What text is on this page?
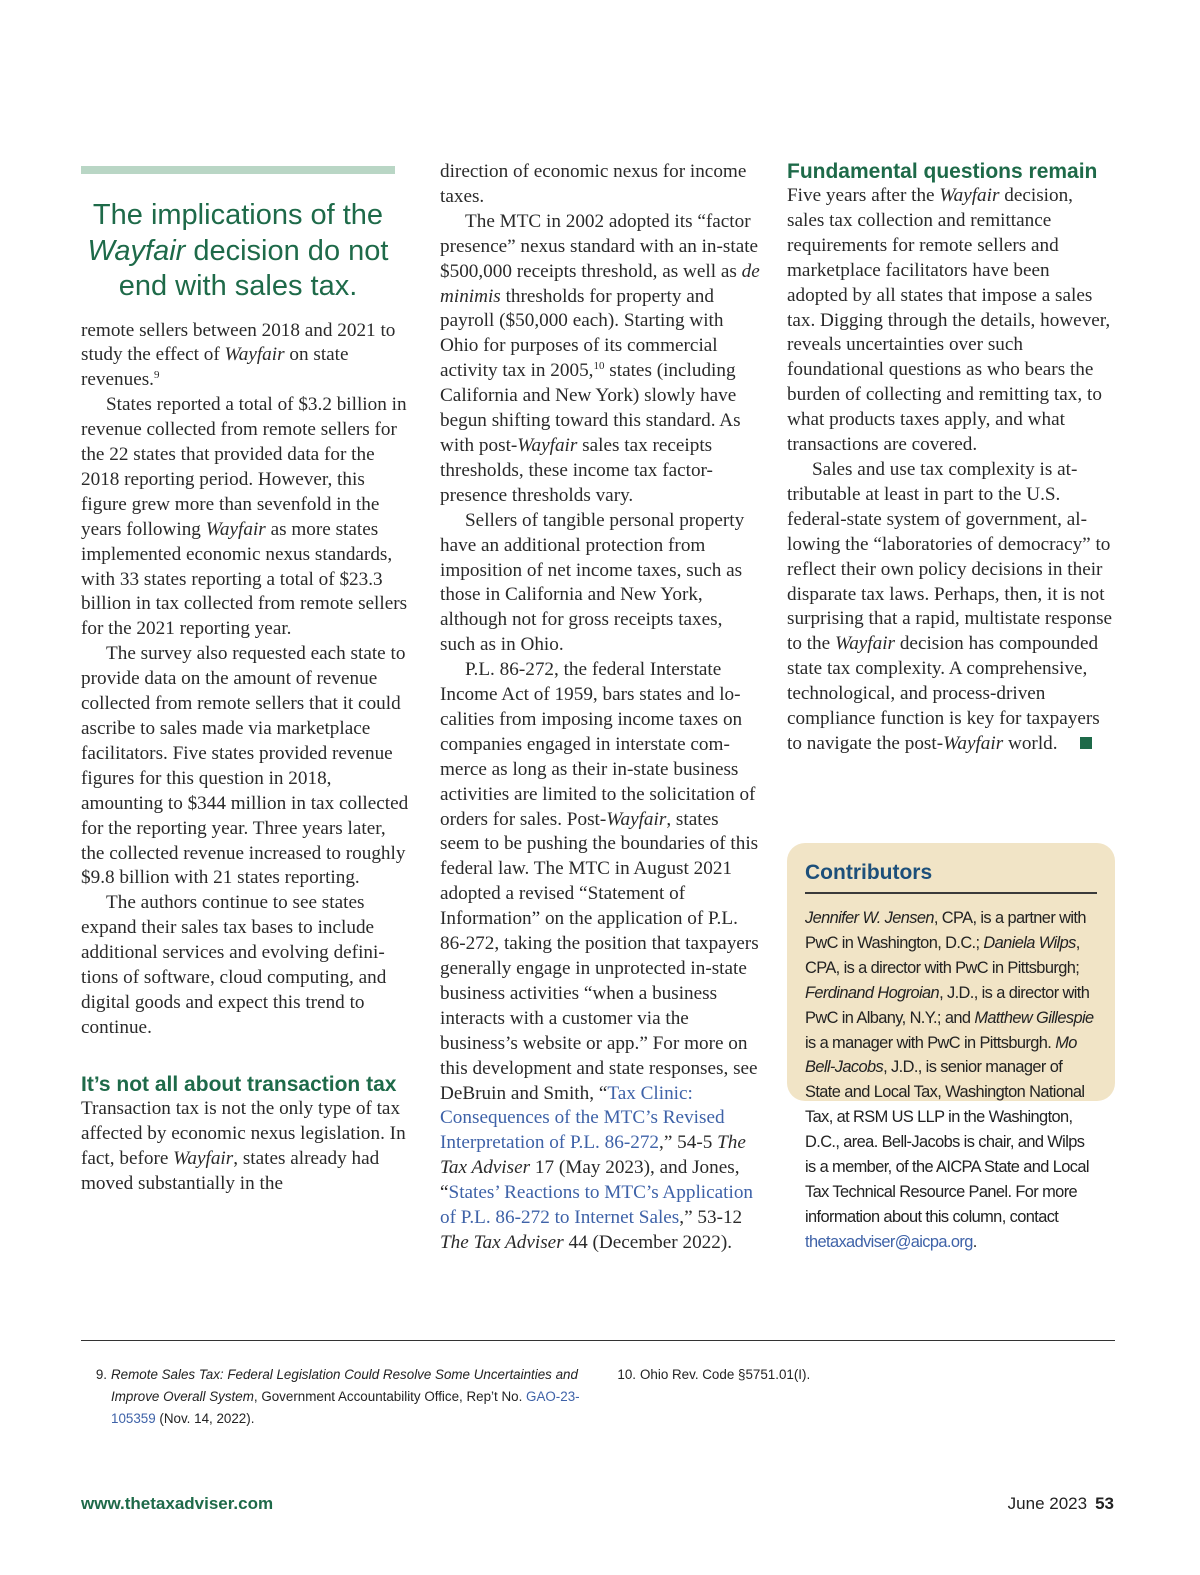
The implications of the Wayfair decision do not end with sales tax.

remote sellers between 2018 and 2021 to study the effect of Wayfair on state revenues.$^9$

States reported a total of $3.2 billion in revenue collected from remote sellers for the 22 states that provided data for the 2018 reporting period. However, this figure grew more than sevenfold in the years following Wayfair as more states implemented economic nexus standards, with 33 states reporting a total of $23.3 billion in tax collected from remote sellers for the 2021 reporting year.

The survey also requested each state to provide data on the amount of revenue collected from remote sellers that it could ascribe to sales made via marketplace facilitators. Five states provided revenue figures for this question in 2018, amounting to $344 million in tax collected for the reporting year. Three years later, the collected revenue increased to roughly $9.8 billion with 21 states reporting.

The authors continue to see states expand their sales tax bases to include additional services and evolving definitions of software, cloud computing, and digital goods and expect this trend to continue.

It’s not all about transaction tax

Transaction tax is not the only type of tax affected by economic nexus legislation. In fact, before Wayfair, states already had moved substantially in the

direction of economic nexus for income taxes.

The MTC in 2002 adopted its “factor presence” nexus standard with an in-state $500,000 receipts threshold, as well as de minimis thresholds for property and payroll ($50,000 each). Starting with Ohio for purposes of its commercial activity tax in 2005,10 states (including California and New York) slowly have begun shifting toward this standard. As with post-Wayfair sales tax receipts thresholds, these income tax factor-presence thresholds vary.

Sellers of tangible personal property have an additional protection from imposition of net income taxes, such as those in California and New York, although not for gross receipts taxes, such as in Ohio.

P.L. 86-272, the federal Interstate Income Act of 1959, bars states and localities from imposing income taxes on companies engaged in interstate commerce as long as their in-state business activities are limited to the solicitation of orders for sales. Post-Wayfair, states seem to be pushing the boundaries of this federal law. The MTC in August 2021 adopted a revised “Statement of Information” on the application of P.L. 86-272, taking the position that taxpayers generally engage in unprotected in-state business activities “when a business interacts with a customer via the business’s website or app.” For more on this development and state responses, see DeBruin and Smith, “Tax Clinic: Consequences of the MTC’s Revised Interpretation of P.L. 86-272,” 54-5 The Tax Adviser 17 (May 2023), and Jones, “States’ Reactions to MTC’s Application of P.L. 86-272 to Internet Sales,” 53-12 The Tax Adviser 44 (December 2022).

Fundamental questions remain

Five years after the Wayfair decision, sales tax collection and remittance requirements for remote sellers and marketplace facilitators have been adopted by all states that impose a sales tax. Digging through the details, however, reveals uncertainties over such foundational questions as who bears the burden of collecting and remitting tax, to what products taxes apply, and what transactions are covered.

Sales and use tax complexity is attributable at least in part to the U.S. federal-state system of government, allowing the “laboratories of democracy” to reflect their own policy decisions in their disparate tax laws. Perhaps, then, it is not surprising that a rapid, multistate response to the Wayfair decision has compounded state tax complexity. A comprehensive, technological, and process-driven compliance function is key for taxpayers to navigate the post-Wayfair world.

Contributors
Jennifer W. Jensen, CPA, is a partner with PwC in Washington, D.C.; Daniela Wilps, CPA, is a director with PwC in Pittsburgh; Ferdinand Hogroian, J.D., is a director with PwC in Albany, N.Y.; and Matthew Gillespie is a manager with PwC in Pittsburgh. Mo Bell-Jacobs, J.D., is senior manager of State and Local Tax, Washington National Tax, at RSM US LLP in the Washington, D.C., area. Bell-Jacobs is chair, and Wilps is a member, of the AICPA State and Local Tax Technical Resource Panel. For more information about this column, contact thetaxadviser@aicpa.org.
9. Remote Sales Tax: Federal Legislation Could Resolve Some Uncertainties and Improve Overall System, Government Accountability Office, Rep’t No. GAO-23-105359 (Nov. 14, 2022).
10. Ohio Rev. Code §5751.01(I).
www.thetaxadviser.com	June 2023 53
